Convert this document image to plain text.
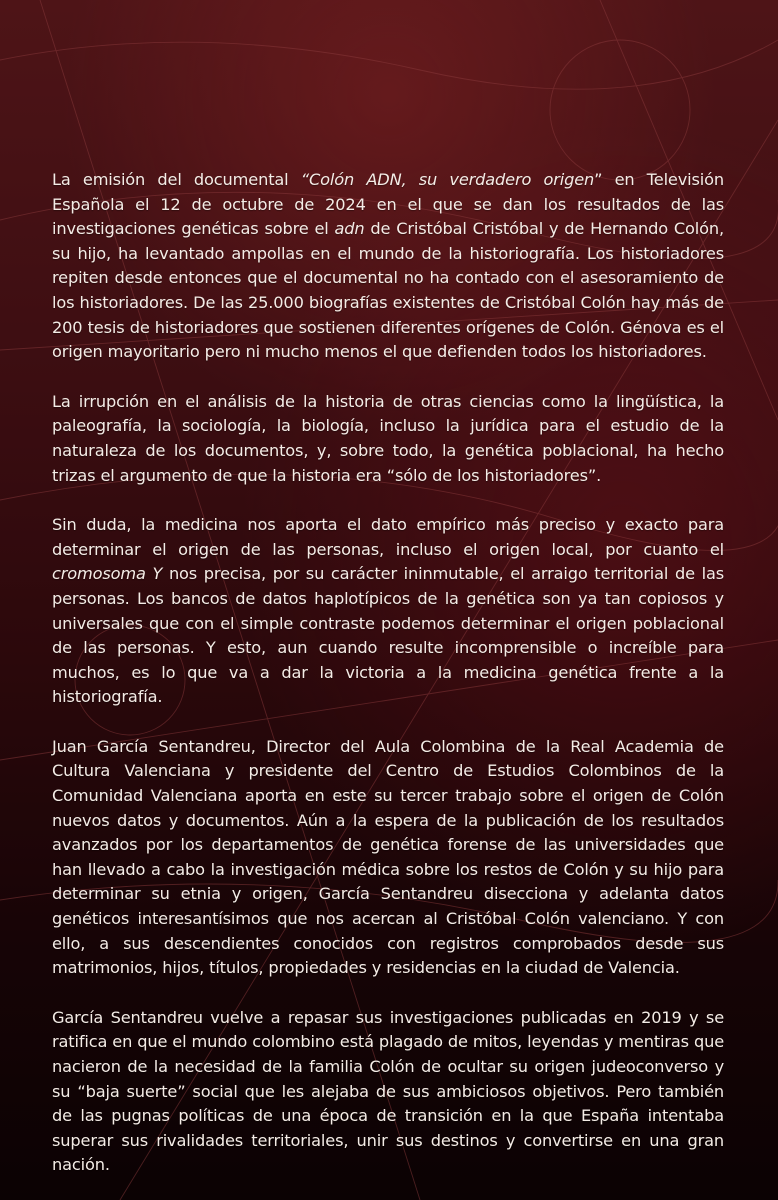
La emisión del documental “Colón ADN, su verdadero origen” en Televisión Española el 12 de octubre de 2024 en el que se dan los resultados de las investigaciones genéticas sobre el adn de Cristóbal Cristóbal y de Hernando Colón, su hijo, ha levantado ampollas en el mundo de la historiografía. Los historiadores repiten desde entonces que el documental no ha contado con el asesoramiento de los historiadores. De las 25.000 biografías existentes de Cristóbal Colón hay más de 200 tesis de historiadores que sostienen diferentes orígenes de Colón. Génova es el origen mayoritario pero ni mucho menos el que defienden todos los historiadores.

La irrupción en el análisis de la historia de otras ciencias como la lingüística, la paleografía, la sociología, la biología, incluso la jurídica para el estudio de la naturaleza de los documentos, y, sobre todo, la genética poblacional, ha hecho trizas el argumento de que la historia era “sólo de los historiadores”.

Sin duda, la medicina nos aporta el dato empírico más preciso y exacto para determinar el origen de las personas, incluso el origen local, por cuanto el cromosoma Y nos precisa, por su carácter ininmutable, el arraigo territorial de las personas. Los bancos de datos haplotípicos de la genética son ya tan copiosos y universales que con el simple contraste podemos determinar el origen poblacional de las personas. Y esto, aun cuando resulte incomprensible o increíble para muchos, es lo que va a dar la victoria a la medicina genética frente a la historiografía.

Juan García Sentandreu, Director del Aula Colombina de la Real Academia de Cultura Valenciana y presidente del Centro de Estudios Colombinos de la Comunidad Valenciana aporta en este su tercer trabajo sobre el origen de Colón nuevos datos y documentos. Aún a la espera de la publicación de los resultados avanzados por los departamentos de genética forense de las universidades que han llevado a cabo la investigación médica sobre los restos de Colón y su hijo para determinar su etnia y origen, García Sentandreu disecciona y adelanta datos genéticos interesantísimos que nos acercan al Cristóbal Colón valenciano. Y con ello, a sus descendientes conocidos con registros comprobados desde sus matrimonios, hijos, títulos, propiedades y residencias en la ciudad de Valencia.

García Sentandreu vuelve a repasar sus investigaciones publicadas en 2019 y se ratifica en que el mundo colombino está plagado de mitos, leyendas y mentiras que nacieron de la necesidad de la familia Colón de ocultar su origen judeoconverso y su “baja suerte” social que les alejaba de sus ambiciosos objetivos. Pero también de las pugnas políticas de una época de transición en la que España intentaba superar sus rivalidades territoriales, unir sus destinos y convertirse en una gran nación.
